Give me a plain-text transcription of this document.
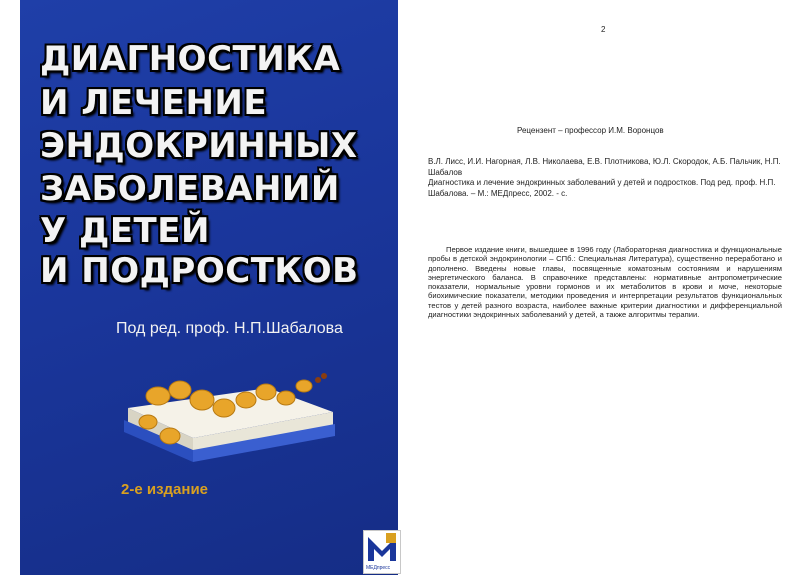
ДИАГНОСТИКА
И ЛЕЧЕНИЕ
ЭНДОКРИННЫХ
ЗАБОЛЕВАНИЙ
У ДЕТЕЙ
И ПОДРОСТКОВ
Под ред. проф. Н.П.Шабалова
2-е издание
МЕДпресс
2
Рецензент – профессор И.М. Воронцов
В.Л. Лисс, И.И. Нагорная, Л.В. Николаева, Е.В. Плотникова, Ю.Л. Скородок, А.Б. Пальчик, Н.П. Шабалов
Диагностика и лечение эндокринных заболеваний у детей и подростков. Под ред. проф. Н.П. Шабалова. – М.: МЕДпресс, 2002. - с.
Первое издание книги, вышедшее в 1996 году (Лабораторная диагностика и функциональные пробы в детской эндокринологии – СПб.: Специальная Литература), существенно переработано и дополнено. Введены новые главы, посвященные коматозным состояниям и нарушениям энергетического баланса. В справочнике представлены: нормативные антропометрические показатели, нормальные уровни гормонов и их метаболитов в крови и моче, некоторые биохимические показатели, методики проведения и интерпретации результатов функциональных тестов у детей разного возраста, наиболее важные критерии диагностики и дифференциальной диагностики эндокринных заболеваний у детей, а также алгоритмы терапии.
